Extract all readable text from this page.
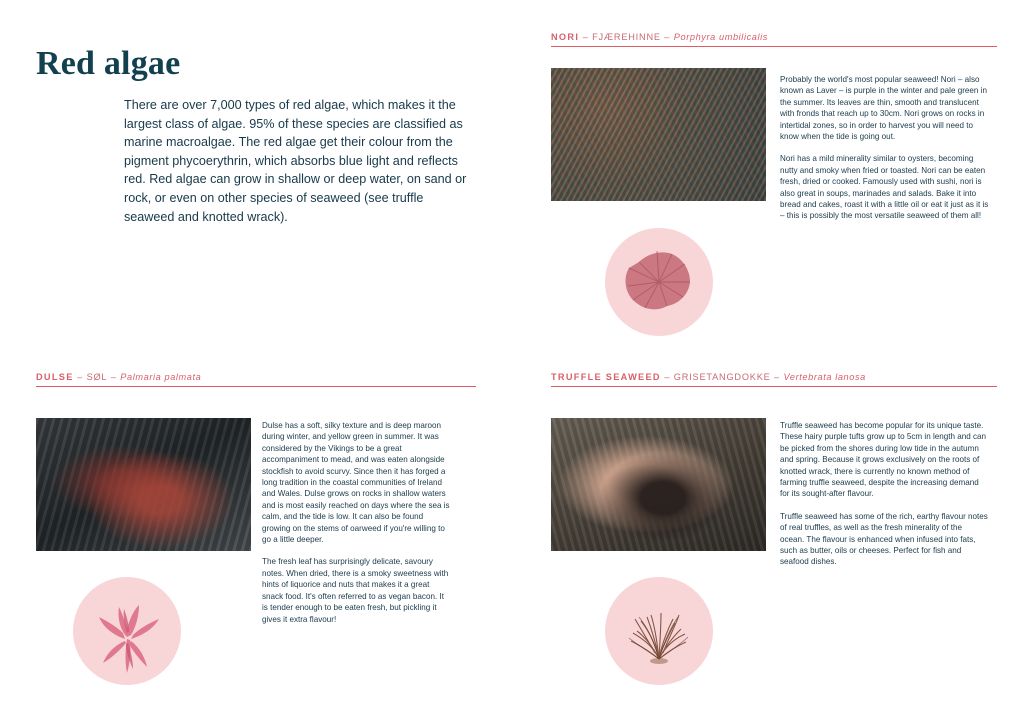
Red algae
There are over 7,000 types of red algae, which makes it the largest class of algae. 95% of these species are classified as marine macroalgae. The red algae get their colour from the pigment phycoerythrin, which absorbs blue light and reflects red. Red algae can grow in shallow or deep water, on sand or rock, or even on other species of seaweed (see truffle seaweed and knotted wrack).
NORI – FJÆREHINNE – Porphyra umbilicalis

Probably the world's most popular seaweed! Nori – also known as Laver – is purple in the winter and pale green in the summer. Its leaves are thin, smooth and translucent with fronds that reach up to 30cm. Nori grows on rocks in intertidal zones, so in order to harvest you will need to know when the tide is going out.

Nori has a mild minerality similar to oysters, becoming nutty and smoky when fried or toasted. Nori can be eaten fresh, dried or cooked. Famously used with sushi, nori is also great in soups, marinades and salads. Bake it into bread and cakes, roast it with a little oil or eat it just as it is – this is possibly the most versatile seaweed of them all!

DULSE – SØL – Palmaria palmata

Dulse has a soft, silky texture and is deep maroon during winter, and yellow green in summer. It was considered by the Vikings to be a great accompaniment to mead, and was eaten alongside stockfish to avoid scurvy. Since then it has forged a long tradition in the coastal communities of Ireland and Wales. Dulse grows on rocks in shallow waters and is most easily reached on days where the sea is calm, and the tide is low. It can also be found growing on the stems of oarweed if you're willing to go a little deeper.

The fresh leaf has surprisingly delicate, savoury notes. When dried, there is a smoky sweetness with hints of liquorice and nuts that makes it a great snack food. It's often referred to as vegan bacon. It is tender enough to be eaten fresh, but pickling it gives it extra flavour!

TRUFFLE SEAWEED – GRISETANGDOKKE – Vertebrata lanosa

Truffle seaweed has become popular for its unique taste. These hairy purple tufts grow up to 5cm in length and can be picked from the shores during low tide in the autumn and spring. Because it grows exclusively on the roots of knotted wrack, there is currently no known method of farming truffle seaweed, despite the increasing demand for its sought-after flavour.

Truffle seaweed has some of the rich, earthy flavour notes of real truffles, as well as the fresh minerality of the ocean. The flavour is enhanced when infused into fats, such as butter, oils or cheeses. Perfect for fish and seafood dishes.
